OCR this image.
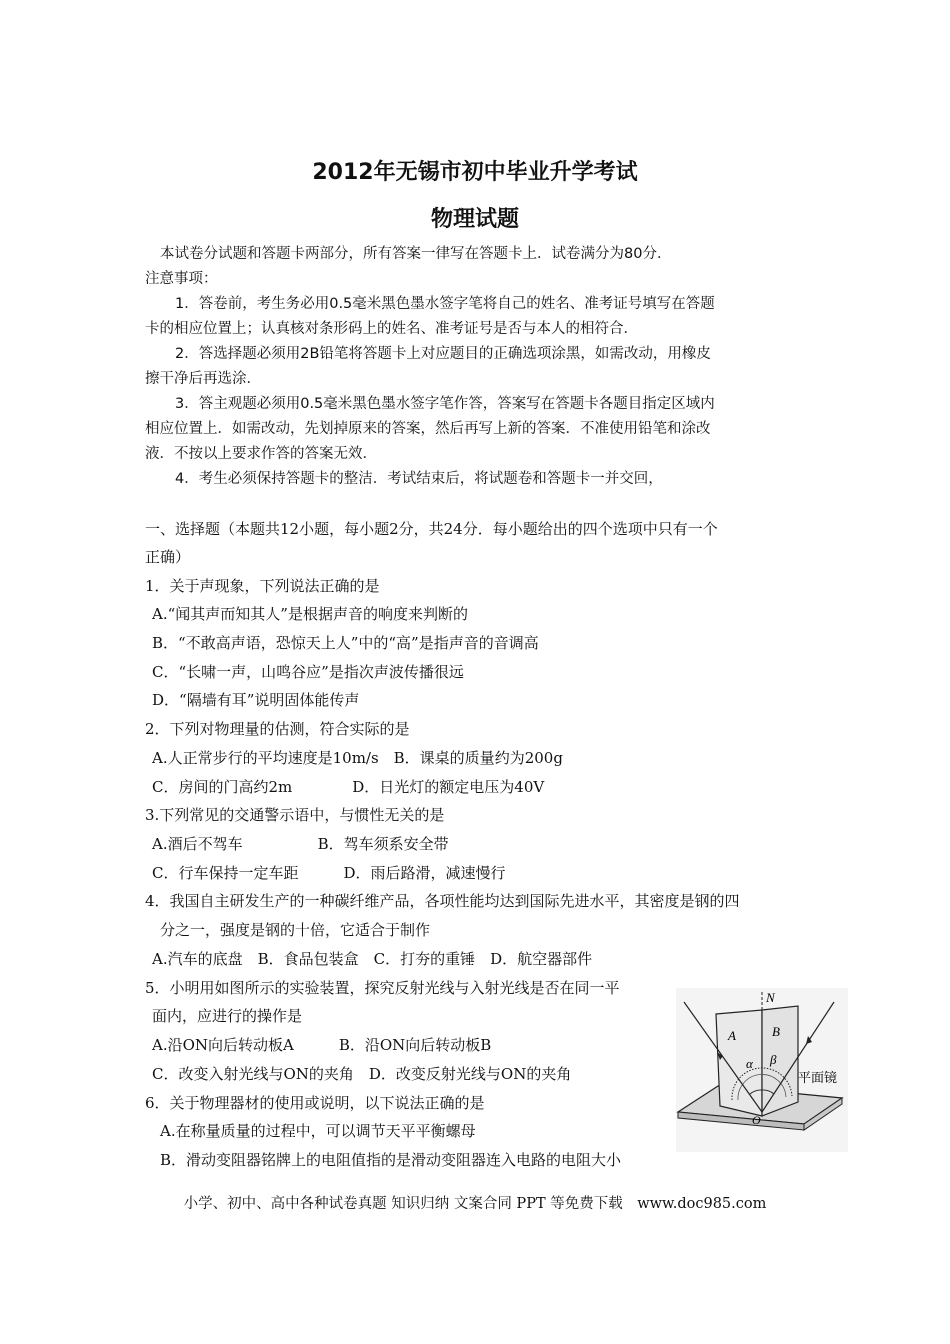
2012年无锡市初中毕业升学考试
物理试题
本试卷分试题和答题卡两部分，所有答案一律写在答题卡上．试卷满分为80分．
注意事项：
1．答卷前，考生务必用0.5毫米黑色墨水签字笔将自己的姓名、准考证号填写在答题
卡的相应位置上；认真核对条形码上的姓名、准考证号是否与本人的相符合．
2．答选择题必须用2B铅笔将答题卡上对应题目的正确选项涂黑，如需改动，用橡皮
擦干净后再选涂．
3．答主观题必须用0.5毫米黑色墨水签字笔作答，答案写在答题卡各题目指定区域内
相应位置上．如需改动，先划掉原来的答案，然后再写上新的答案．不准使用铅笔和涂改
液．不按以上要求作答的答案无效．
4．考生必须保持答题卡的整洁．考试结束后，将试题卷和答题卡一并交回，
一、选择题（本题共12小题，每小题2分，共24分．每小题给出的四个选项中只有一个
正确）
1．关于声现象，下列说法正确的是
A.“闻其声而知其人”是根据声音的响度来判断的
B．“不敢高声语，恐惊天上人”中的“高”是指声音的音调高
C．“长啸一声，山鸣谷应”是指次声波传播很远
D．“隔墙有耳”说明固体能传声
2．下列对物理量的估测，符合实际的是
A.人正常步行的平均速度是10m/s　B．课桌的质量约为200g
C．房间的门高约2m　　　　D．日光灯的额定电压为40V
3.下列常见的交通警示语中，与惯性无关的是
A.酒后不驾车　　　　　B．驾车须系安全带
C．行车保持一定车距　　　D．雨后路滑，减速慢行
4．我国自主研发生产的一种碳纤维产品，各项性能均达到国际先进水平，其密度是钢的四
分之一，强度是钢的十倍，它适合于制作
A.汽车的底盘　B．食品包装盒　C．打夯的重锤　D．航空器部件
5．小明用如图所示的实验装置，探究反射光线与入射光线是否在同一平
面内，应进行的操作是
A.沿ON向后转动板A　　　B．沿ON向后转动板B
C．改变入射光线与ON的夹角　D．改变反射光线与ON的夹角
6．关于物理器材的使用或说明，以下说法正确的是
A.在称量质量的过程中，可以调节天平平衡螺母
B．滑动变阻器铭牌上的电阻值指的是滑动变阻器连入电路的电阻大小
N
A	B
α β
O
平面镜
小学、初中、高中各种试卷真题 知识归纳 文案合同 PPT 等免费下载　www.doc985.com
